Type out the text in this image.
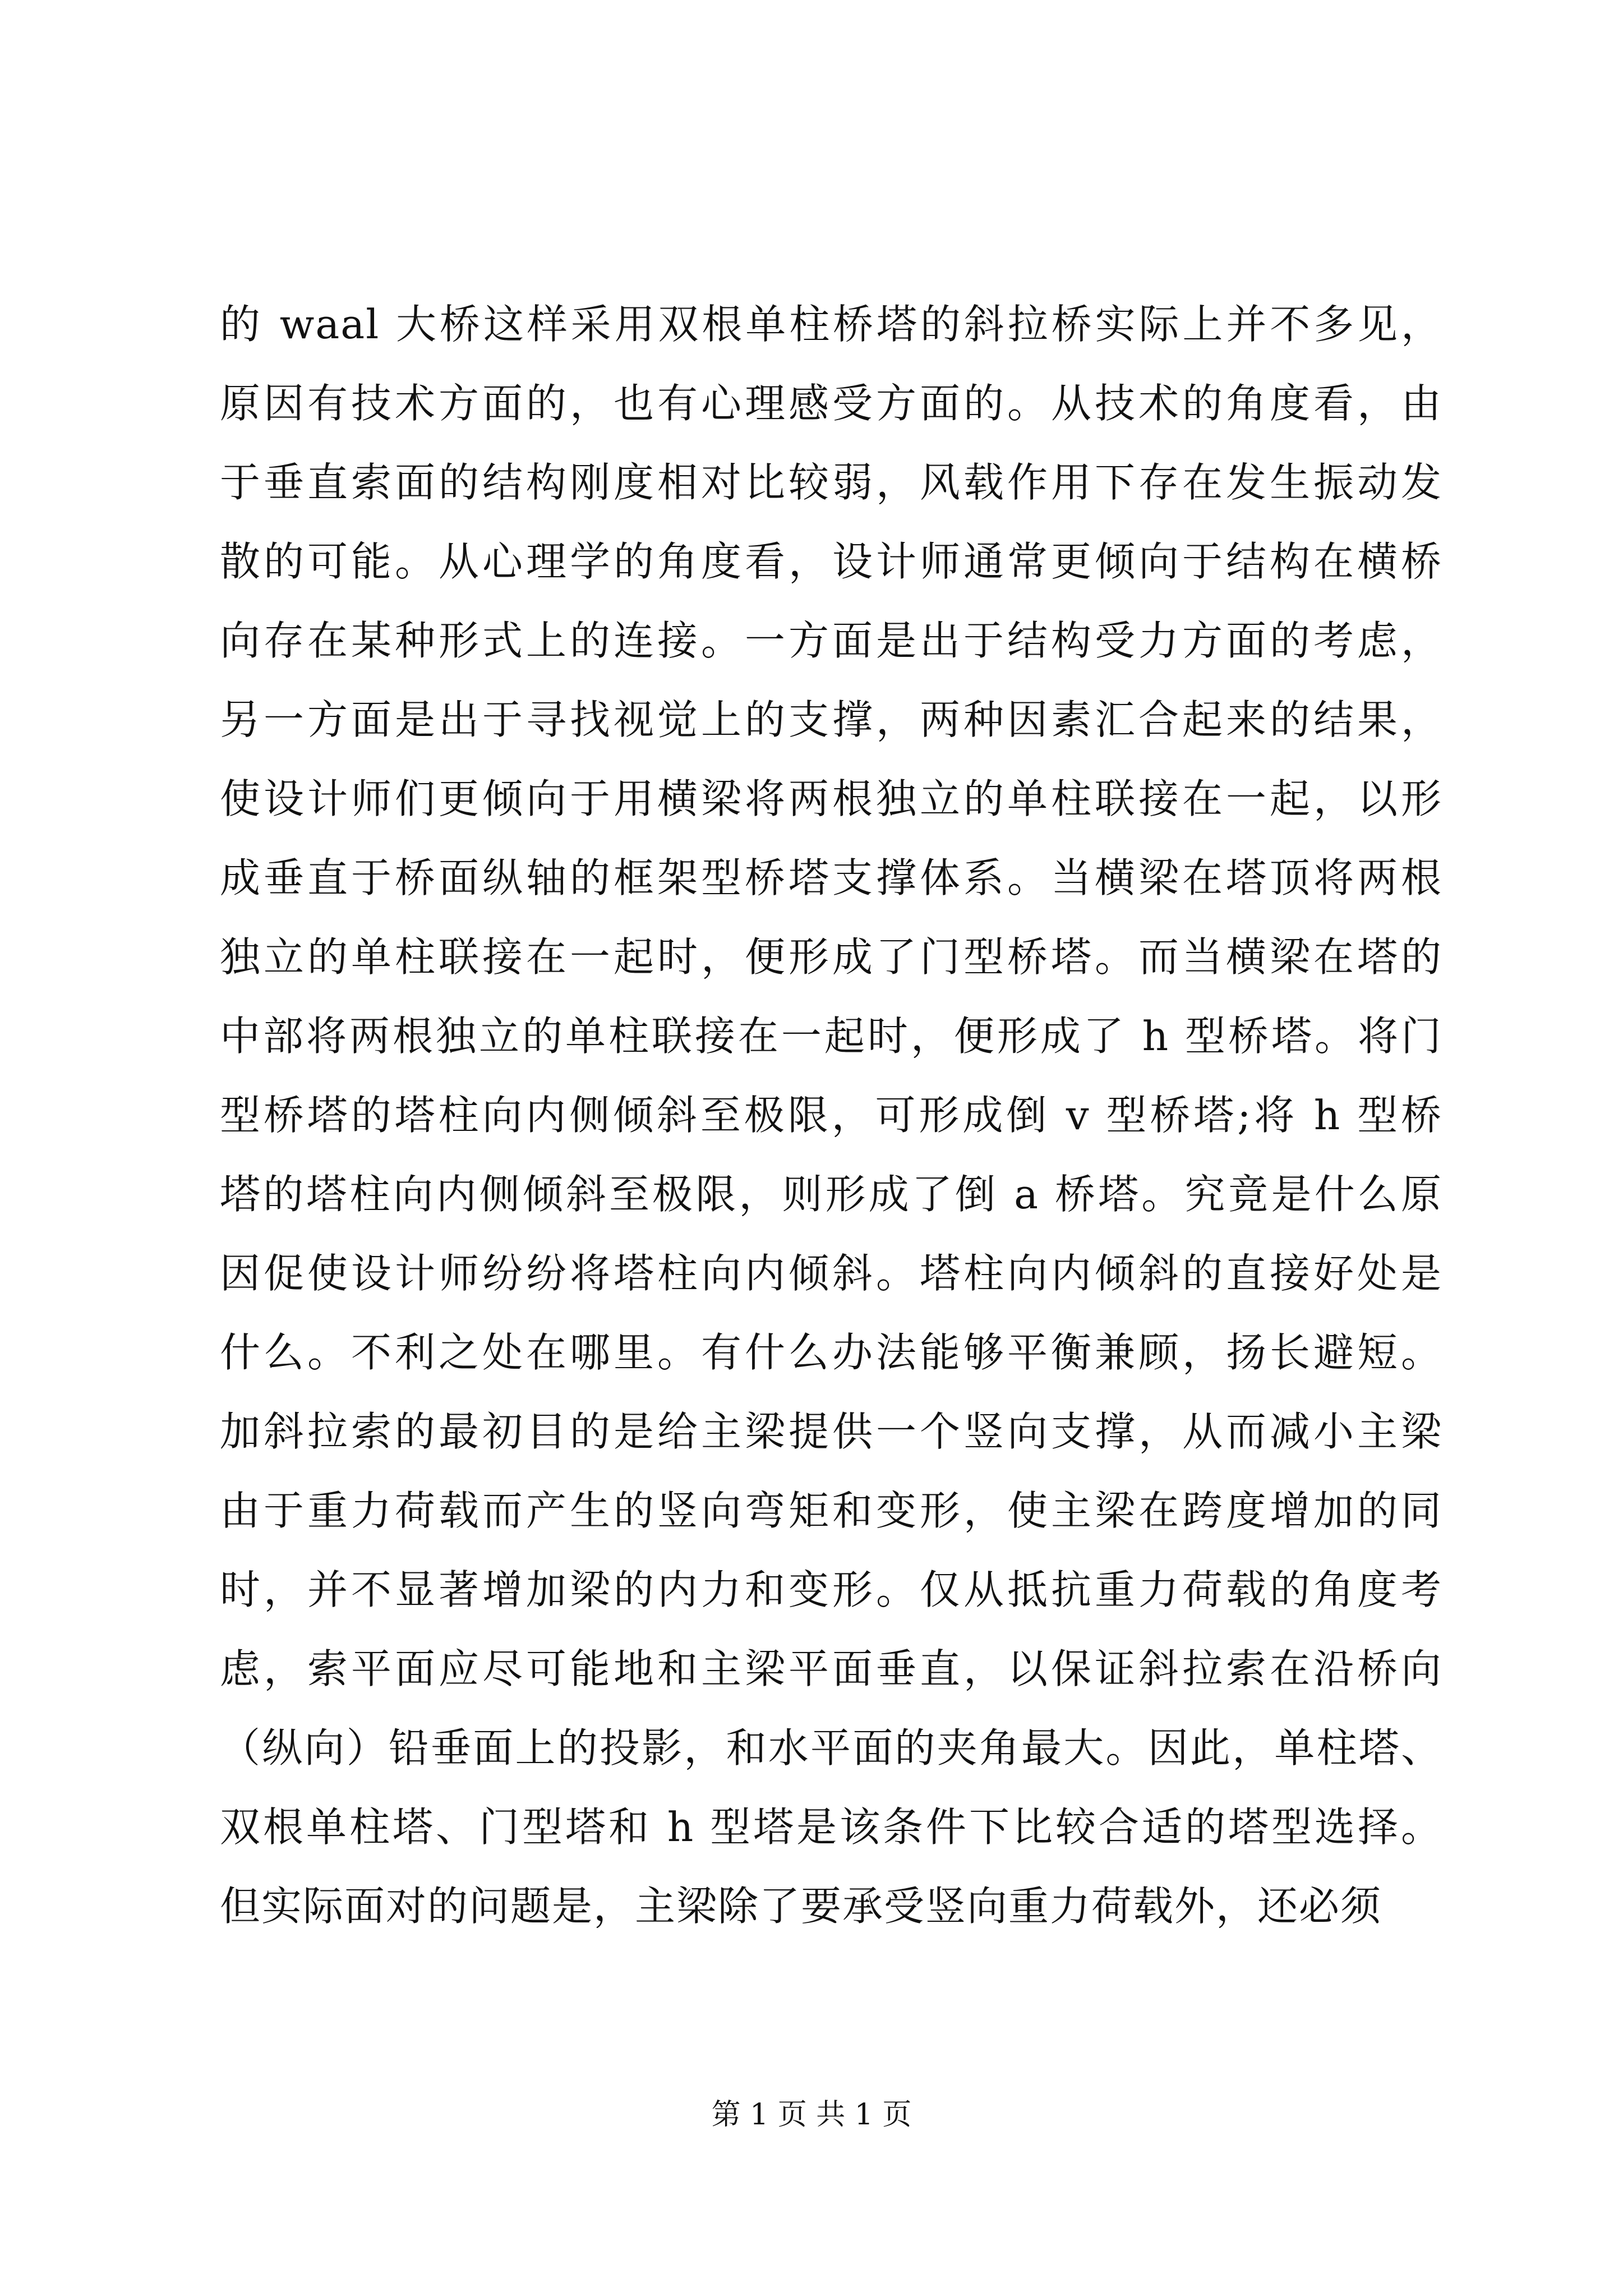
的 waal 大桥这样采用双根单柱桥塔的斜拉桥实际上并不多见，
原因有技术方面的，也有心理感受方面的。从技术的角度看，由
于垂直索面的结构刚度相对比较弱，风载作用下存在发生振动发
散的可能。从心理学的角度看，设计师通常更倾向于结构在横桥
向存在某种形式上的连接。一方面是出于结构受力方面的考虑，
另一方面是出于寻找视觉上的支撑，两种因素汇合起来的结果，
使设计师们更倾向于用横梁将两根独立的单柱联接在一起，以形
成垂直于桥面纵轴的框架型桥塔支撑体系。当横梁在塔顶将两根
独立的单柱联接在一起时，便形成了门型桥塔。而当横梁在塔的
中部将两根独立的单柱联接在一起时，便形成了 h 型桥塔。将门
型桥塔的塔柱向内侧倾斜至极限，可形成倒 v 型桥塔;将 h 型桥
塔的塔柱向内侧倾斜至极限，则形成了倒 a 桥塔。究竟是什么原
因促使设计师纷纷将塔柱向内倾斜。塔柱向内倾斜的直接好处是
什么。不利之处在哪里。有什么办法能够平衡兼顾，扬长避短。
加斜拉索的最初目的是给主梁提供一个竖向支撑，从而减小主梁
由于重力荷载而产生的竖向弯矩和变形，使主梁在跨度增加的同
时，并不显著增加梁的内力和变形。仅从抵抗重力荷载的角度考
虑，索平面应尽可能地和主梁平面垂直，以保证斜拉索在沿桥向
（纵向）铅垂面上的投影，和水平面的夹角最大。因此，单柱塔、
双根单柱塔、门型塔和 h 型塔是该条件下比较合适的塔型选择。
但实际面对的问题是，主梁除了要承受竖向重力荷载外，还必须
第 1 页 共 1 页
